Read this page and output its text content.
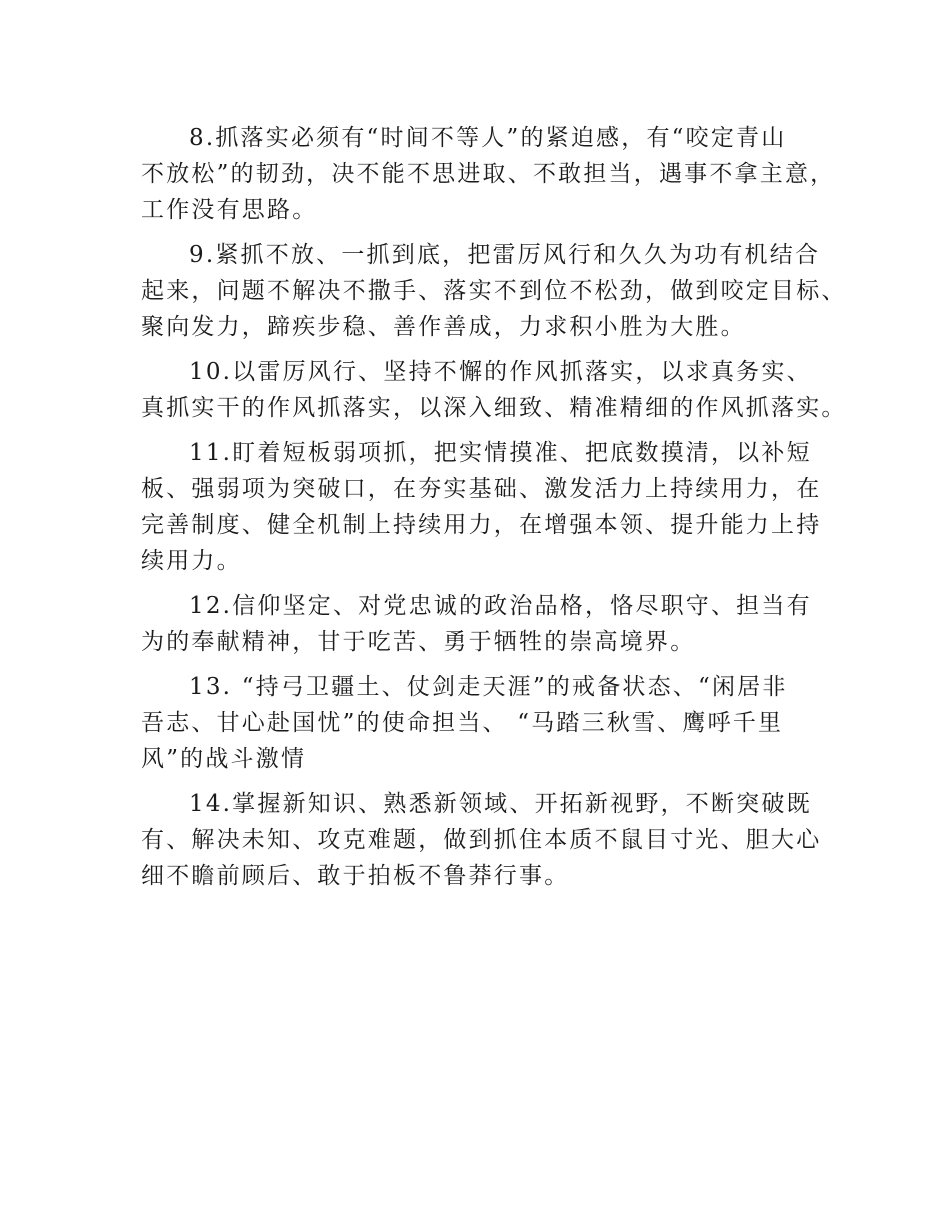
8.抓落实必须有“时间不等人”的紧迫感，有“咬定青山
不放松”的韧劲，决不能不思进取、不敢担当，遇事不拿主意，
工作没有思路。

9.紧抓不放、一抓到底，把雷厉风行和久久为功有机结合
起来，问题不解决不撒手、落实不到位不松劲，做到咬定目标、
聚向发力，蹄疾步稳、善作善成，力求积小胜为大胜。

10.以雷厉风行、坚持不懈的作风抓落实，以求真务实、
真抓实干的作风抓落实，以深入细致、精准精细的作风抓落实。

11.盯着短板弱项抓，把实情摸准、把底数摸清，以补短
板、强弱项为突破口，在夯实基础、激发活力上持续用力，在
完善制度、健全机制上持续用力，在增强本领、提升能力上持
续用力。

12.信仰坚定、对党忠诚的政治品格，恪尽职守、担当有
为的奉献精神，甘于吃苦、勇于牺牲的崇高境界。

13. “持弓卫疆土、仗剑走天涯”的戒备状态、“闲居非
吾志、甘心赴国忧”的使命担当、 “马踏三秋雪、鹰呼千里
风”的战斗激情

14.掌握新知识、熟悉新领域、开拓新视野，不断突破既
有、解决未知、攻克难题，做到抓住本质不鼠目寸光、胆大心
细不瞻前顾后、敢于拍板不鲁莽行事。
